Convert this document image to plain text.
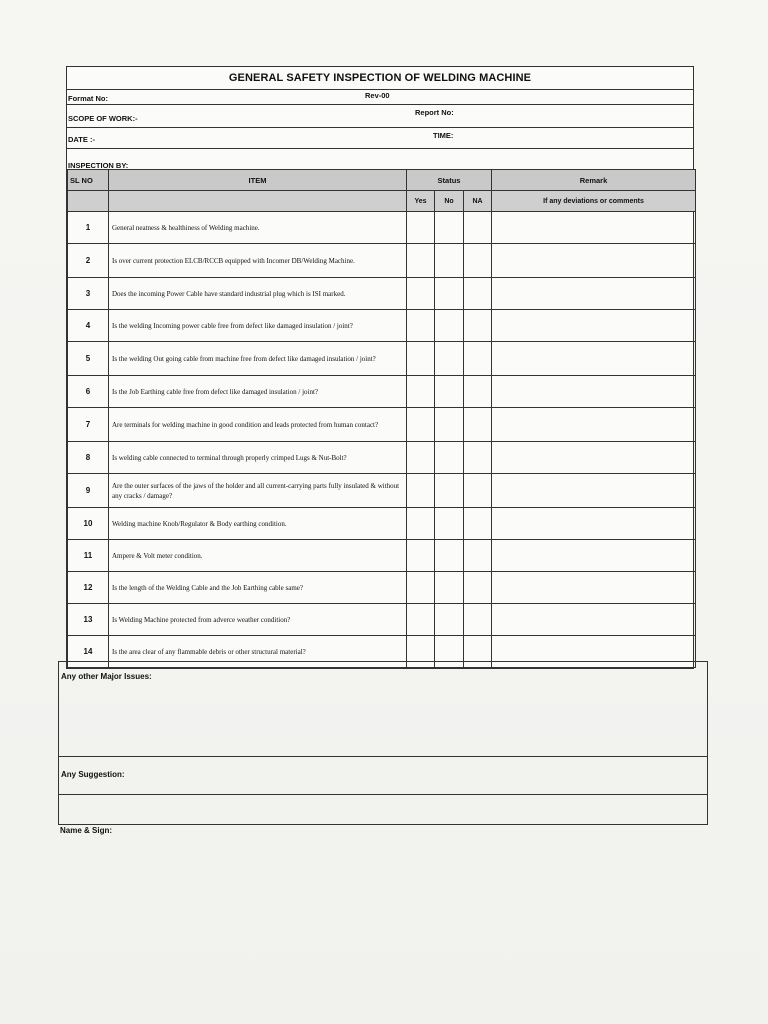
GENERAL SAFETY INSPECTION OF WELDING MACHINE
Format No:	Rev-00
SCOPE OF WORK:-
Report No:
DATE :-	TIME:
INSPECTION BY:
SL NO	ITEM	Status			Remark
		Yes	No	NA	If any deviations or comments
1	General neatness & healthiness of Welding machine.				
2	Is over current protection ELCB/RCCB equipped with Incomer DB/Welding Machine.				
3	Does the incoming Power Cable have standard industrial plug which is ISI marked.				
4	Is the welding Incoming power cable free from defect like damaged insulation / joint?				
5	Is the welding Out going cable from machine free from defect like damaged insulation / joint?				
6	Is the Job Earthing cable free from defect like damaged insulation / joint?				
7	Are terminals for welding machine in good condition and leads protected from human contact?				
8	Is welding cable connected to terminal through properly crimped Lugs & Nut-Bolt?				
9	Are the outer surfaces of the jaws of the holder and all current-carrying parts fully insulated & without any cracks / damage?				
10	Welding machine Knob/Regulator & Body earthing condition.				
11	Ampere & Volt meter condition.				
12	Is the length of the Welding Cable and the Job Earthing cable same?				
13	Is Welding Machine protected from adverce weather condition?				
14	Is the area clear of any flammable debris or other structural material?				
Any other Major Issues:
Any Suggestion:
Name & Sign:
